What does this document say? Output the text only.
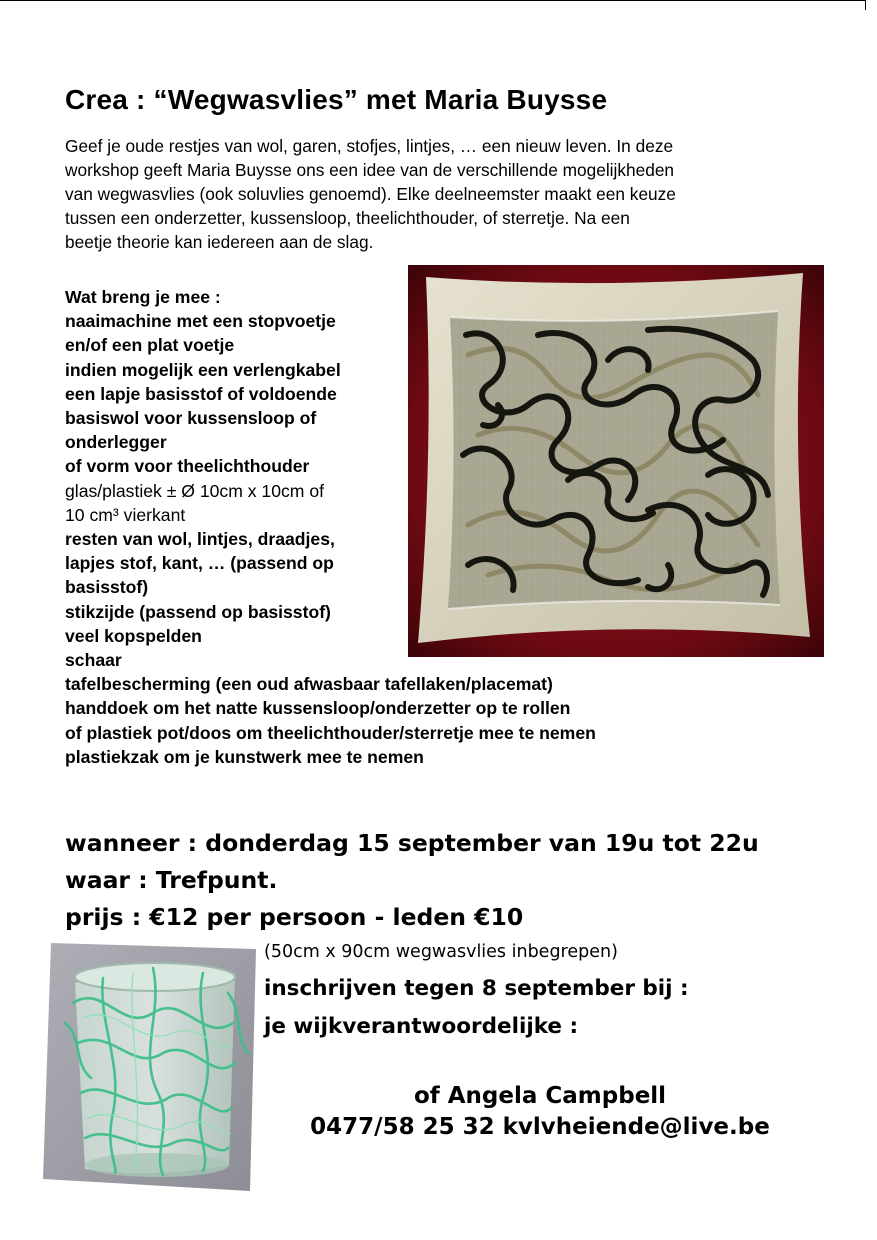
Crea : “Wegwasvlies” met Maria Buysse
Geef je oude restjes van wol, garen, stofjes, lintjes, … een nieuw leven. In deze
workshop geeft Maria Buysse ons een idee van de verschillende mogelijkheden
van wegwasvlies (ook soluvlies genoemd). Elke deelneemster maakt een keuze
tussen een onderzetter, kussensloop, theelichthouder, of sterretje. Na een
beetje theorie kan iedereen aan de slag.
Wat breng je mee :
naaimachine met een stopvoetje
en/of een plat voetje
indien mogelijk een verlengkabel
een lapje basisstof of voldoende
basiswol voor kussensloop of
onderlegger
of vorm voor theelichthouder
glas/plastiek ± Ø 10cm x 10cm of
10 cm³ vierkant
resten van wol, lintjes, draadjes,
lapjes stof, kant, … (passend op
basisstof)
stikzijde (passend op basisstof)
veel kopspelden
schaar
tafelbescherming (een oud afwasbaar tafellaken/placemat)
handdoek om het natte kussensloop/onderzetter op te rollen
of plastiek pot/doos om theelichthouder/sterretje mee te nemen
plastiekzak om je kunstwerk mee te nemen
wanneer : donderdag 15 september van 19u tot 22u
waar : Trefpunt.
prijs : €12 per persoon - leden €10
(50cm x 90cm wegwasvlies inbegrepen)
inschrijven tegen 8 september bij :
je wijkverantwoordelijke :
of Angela Campbell
0477/58 25 32 kvlvheiende@live.be
